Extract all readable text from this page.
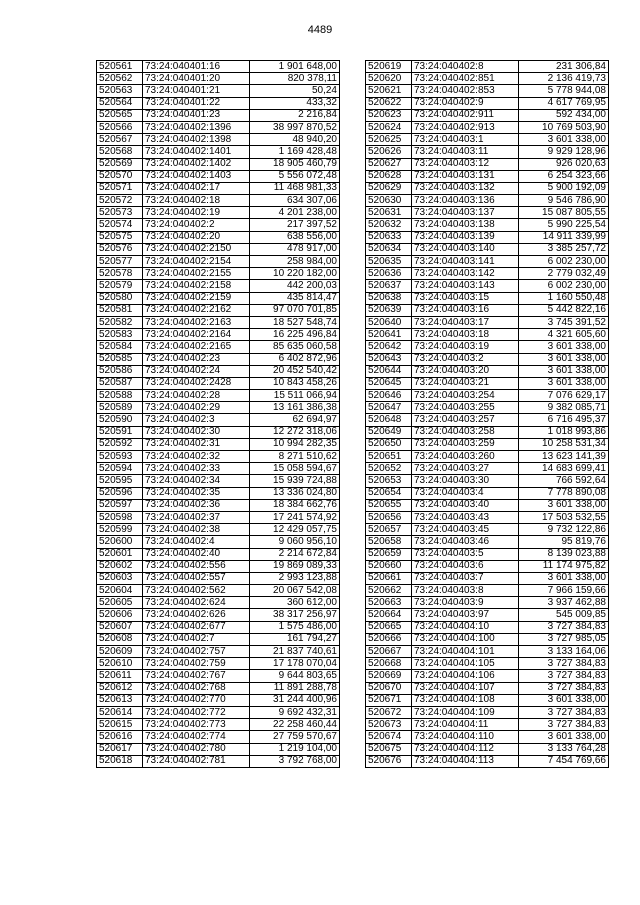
4489
520561	73:24:040401:16	1 901 648,00
520562	73:24:040401:20	820 378,11
520563	73:24:040401:21	50,24
520564	73:24:040401:22	433,32
520565	73:24:040401:23	2 216,84
520566	73:24:040402:1396	38 997 870,52
520567	73:24:040402:1398	48 940,20
520568	73:24:040402:1401	1 169 428,48
520569	73:24:040402:1402	18 905 460,79
520570	73:24:040402:1403	5 556 072,48
520571	73:24:040402:17	11 468 981,33
520572	73:24:040402:18	634 307,06
520573	73:24:040402:19	4 201 238,00
520574	73:24:040402:2	217 397,52
520575	73:24:040402:20	638 556,00
520576	73:24:040402:2150	478 917,00
520577	73:24:040402:2154	258 984,00
520578	73:24:040402:2155	10 220 182,00
520579	73:24:040402:2158	442 200,03
520580	73:24:040402:2159	435 814,47
520581	73:24:040402:2162	97 070 701,85
520582	73:24:040402:2163	18 527 548,74
520583	73:24:040402:2164	16 225 496,84
520584	73:24:040402:2165	85 635 060,58
520585	73:24:040402:23	6 402 872,96
520586	73:24:040402:24	20 452 540,42
520587	73:24:040402:2428	10 843 458,26
520588	73:24:040402:28	15 511 066,94
520589	73:24:040402:29	13 161 386,38
520590	73:24:040402:3	62 694,97
520591	73:24:040402:30	12 272 318,06
520592	73:24:040402:31	10 994 282,35
520593	73:24:040402:32	8 271 510,62
520594	73:24:040402:33	15 058 594,67
520595	73:24:040402:34	15 939 724,88
520596	73:24:040402:35	13 336 024,80
520597	73:24:040402:36	18 384 662,76
520598	73:24:040402:37	17 241 574,92
520599	73:24:040402:38	12 429 057,75
520600	73:24:040402:4	9 060 956,10
520601	73:24:040402:40	2 214 672,84
520602	73:24:040402:556	19 869 089,33
520603	73:24:040402:557	2 993 123,88
520604	73:24:040402:562	20 067 542,08
520605	73:24:040402:624	360 612,00
520606	73:24:040402:626	38 317 256,97
520607	73:24:040402:677	1 575 486,00
520608	73:24:040402:7	161 794,27
520609	73:24:040402:757	21 837 740,61
520610	73:24:040402:759	17 178 070,04
520611	73:24:040402:767	9 644 803,65
520612	73:24:040402:768	11 891 288,78
520613	73:24:040402:770	31 244 400,96
520614	73:24:040402:772	9 692 432,31
520615	73:24:040402:773	22 258 460,44
520616	73:24:040402:774	27 759 570,67
520617	73:24:040402:780	1 219 104,00
520618	73:24:040402:781	3 792 768,00
520619	73:24:040402:8	231 306,84
520620	73:24:040402:851	2 136 419,73
520621	73:24:040402:853	5 778 944,08
520622	73:24:040402:9	4 617 769,95
520623	73:24:040402:911	592 434,00
520624	73:24:040402:913	10 769 503,90
520625	73:24:040403:1	3 601 338,00
520626	73:24:040403:11	9 929 128,96
520627	73:24:040403:12	926 020,63
520628	73:24:040403:131	6 254 323,66
520629	73:24:040403:132	5 900 192,09
520630	73:24:040403:136	9 546 786,90
520631	73:24:040403:137	15 087 805,55
520632	73:24:040403:138	5 990 225,54
520633	73:24:040403:139	14 911 339,99
520634	73:24:040403:140	3 385 257,72
520635	73:24:040403:141	6 002 230,00
520636	73:24:040403:142	2 779 032,49
520637	73:24:040403:143	6 002 230,00
520638	73:24:040403:15	1 160 550,48
520639	73:24:040403:16	5 442 822,16
520640	73:24:040403:17	3 745 391,52
520641	73:24:040403:18	4 321 605,60
520642	73:24:040403:19	3 601 338,00
520643	73:24:040403:2	3 601 338,00
520644	73:24:040403:20	3 601 338,00
520645	73:24:040403:21	3 601 338,00
520646	73:24:040403:254	7 076 629,17
520647	73:24:040403:255	9 382 085,71
520648	73:24:040403:257	6 716 495,37
520649	73:24:040403:258	1 018 993,86
520650	73:24:040403:259	10 258 531,34
520651	73:24:040403:260	13 623 141,39
520652	73:24:040403:27	14 683 699,41
520653	73:24:040403:30	766 592,64
520654	73:24:040403:4	7 778 890,08
520655	73:24:040403:40	3 601 338,00
520656	73:24:040403:43	17 503 532,55
520657	73:24:040403:45	9 732 122,86
520658	73:24:040403:46	95 819,76
520659	73:24:040403:5	8 139 023,88
520660	73:24:040403:6	11 174 975,82
520661	73:24:040403:7	3 601 338,00
520662	73:24:040403:8	7 966 159,66
520663	73:24:040403:9	3 937 462,88
520664	73:24:040403:97	545 009,85
520665	73:24:040404:10	3 727 384,83
520666	73:24:040404:100	3 727 985,05
520667	73:24:040404:101	3 133 164,06
520668	73:24:040404:105	3 727 384,83
520669	73:24:040404:106	3 727 384,83
520670	73:24:040404:107	3 727 384,83
520671	73:24:040404:108	3 601 338,00
520672	73:24:040404:109	3 727 384,83
520673	73:24:040404:11	3 727 384,83
520674	73:24:040404:110	3 601 338,00
520675	73:24:040404:112	3 133 764,28
520676	73:24:040404:113	7 454 769,66
